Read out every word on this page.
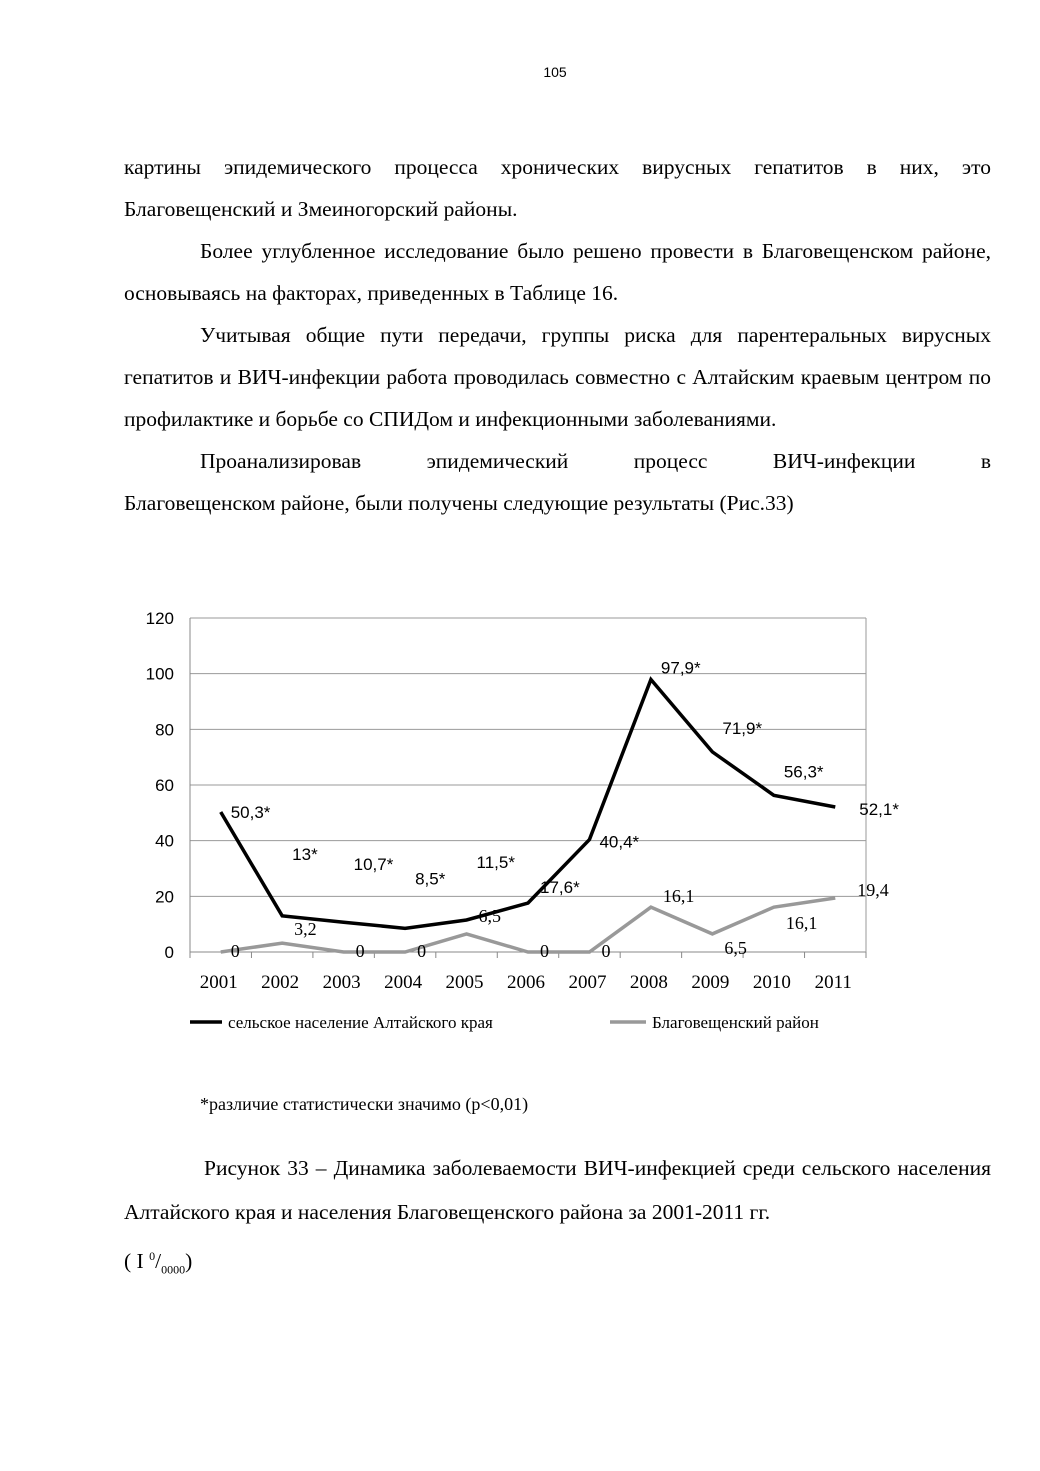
105

картины эпидемического процесса хронических вирусных гепатитов в них, это Благовещенский и Змеиногорский районы.

Более углубленное исследование было решено провести в Благовещенском районе, основываясь на факторах, приведенных в Таблице 16.

Учитывая общие пути передачи, группы риска для парентеральных вирусных гепатитов и ВИЧ-инфекции работа проводилась совместно с Алтайским краевым центром по профилактике и борьбе со СПИДом и инфекционными заболеваниями.

Проанализировав эпидемический процесс ВИЧ-инфекции в

Благовещенском районе, были получены следующие результаты (Рис.33)

0
20
40
60
80
100
120
2001 2002 2003 2004 2005 2006 2007 2008 2009 2010 2011
50,3*
13*
10,7*
8,5*
11,5*
17,6*
40,4*
97,9*
71,9*
56,3*
52,1*
0
3,2
0	0
6,5
0	0
16,1
6,5
16,1
19,4
сельское население Алтайского края	Благовещенский район
*различие статистически значимо (p<0,01)

Рисунок 33 – Динамика заболеваемости ВИЧ-инфекцией среди сельского населения Алтайского края и населения Благовещенского района за 2001-2011 гг.
( I $^0/_{0000}$)
